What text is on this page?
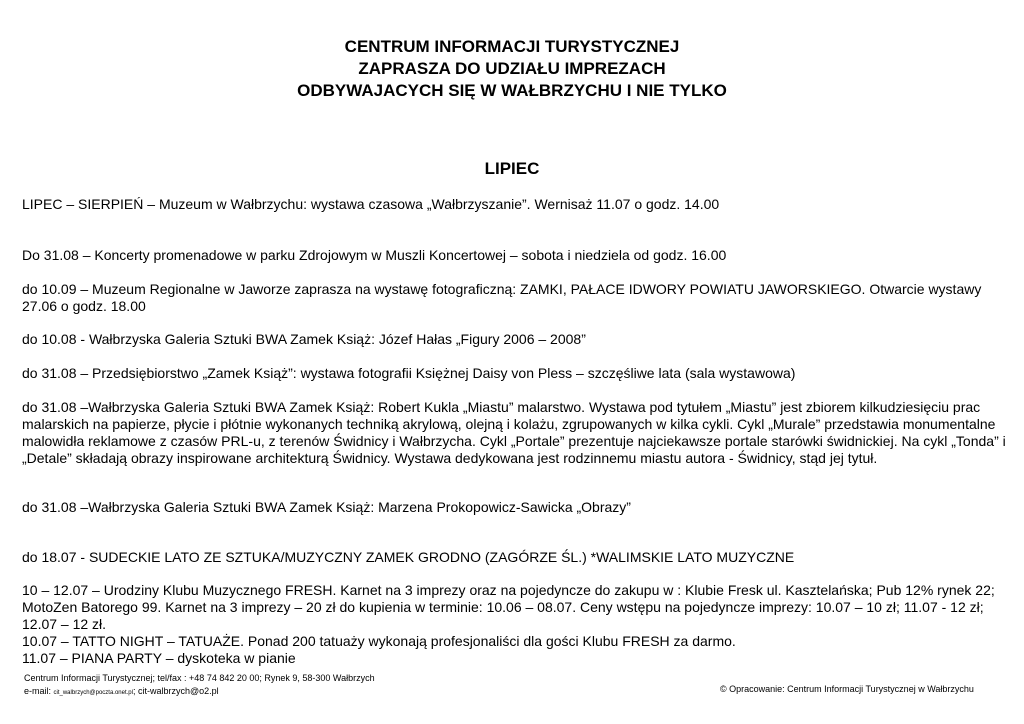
CENTRUM INFORMACJI TURYSTYCZNEJ
ZAPRASZA DO UDZIAŁU IMPREZACH
ODBYWAJACYCH SIĘ W WAŁBRZYCHU I NIE TYLKO
LIPIEC
LIPEC – SIERPIEŃ – Muzeum w Wałbrzychu: wystawa czasowa „Wałbrzyszanie”. Wernisaż 11.07 o godz. 14.00
Do 31.08 – Koncerty promenadowe w parku Zdrojowym w Muszli Koncertowej – sobota i niedziela od godz. 16.00
do 10.09 – Muzeum Regionalne w Jaworze zaprasza na wystawę fotograficzną: ZAMKI, PAŁACE IDWORY POWIATU JAWORSKIEGO. Otwarcie wystawy 27.06 o godz. 18.00
do 10.08 - Wałbrzyska Galeria Sztuki BWA Zamek Książ: Józef Hałas „Figury 2006 – 2008”
do 31.08 – Przedsiębiorstwo „Zamek Książ”: wystawa fotografii Księżnej Daisy von Pless – szczęśliwe lata (sala wystawowa)
do 31.08 –Wałbrzyska Galeria Sztuki BWA Zamek Książ: Robert Kukla „Miastu” malarstwo. Wystawa pod tytułem „Miastu” jest zbiorem kilkudziesięciu prac malarskich na papierze, płycie i płótnie wykonanych techniką akrylową, olejną i kolażu, zgrupowanych w kilka cykli. Cykl „Murale” przedstawia monumentalne malowidła reklamowe z czasów PRL-u, z terenów Świdnicy i Wałbrzycha. Cykl „Portale” prezentuje najciekawsze portale starówki świdnickiej. Na cykl „Tonda” i „Detale” składają obrazy inspirowane architekturą Świdnicy. Wystawa dedykowana jest rodzinnemu miastu autora - Świdnicy, stąd jej tytuł.
do 31.08 –Wałbrzyska Galeria Sztuki BWA Zamek Książ: Marzena Prokopowicz-Sawicka „Obrazy”
do 18.07 - SUDECKIE LATO ZE SZTUKA/MUZYCZNY ZAMEK GRODNO (ZAGÓRZE ŚL.) *WALIMSKIE LATO MUZYCZNE
10 – 12.07 – Urodziny Klubu Muzycznego FRESH. Karnet na 3 imprezy oraz na pojedyncze do zakupu w : Klubie Fresk ul. Kasztelańska; Pub 12% rynek 22; MotoZen Batorego 99. Karnet na 3 imprezy – 20 zł do kupienia w terminie: 10.06 – 08.07. Ceny wstępu na pojedyncze imprezy: 10.07 – 10 zł; 11.07 - 12 zł; 12.07 – 12 zł.
10.07 – TATTO NIGHT – TATUAŻE. Ponad 200 tatuaży wykonają profesjonaliści dla gości Klubu FRESH za darmo.
11.07 – PIANA PARTY – dyskoteka w pianie
Centrum Informacji Turystycznej; tel/fax : +48 74 842 20 00; Rynek 9, 58-300 Wałbrzych
e-mail: cit_walbrzych@poczta.onet.pl; cit-walbrzych@o2.pl	© Opracowanie: Centrum Informacji Turystycznej w Wałbrzychu
